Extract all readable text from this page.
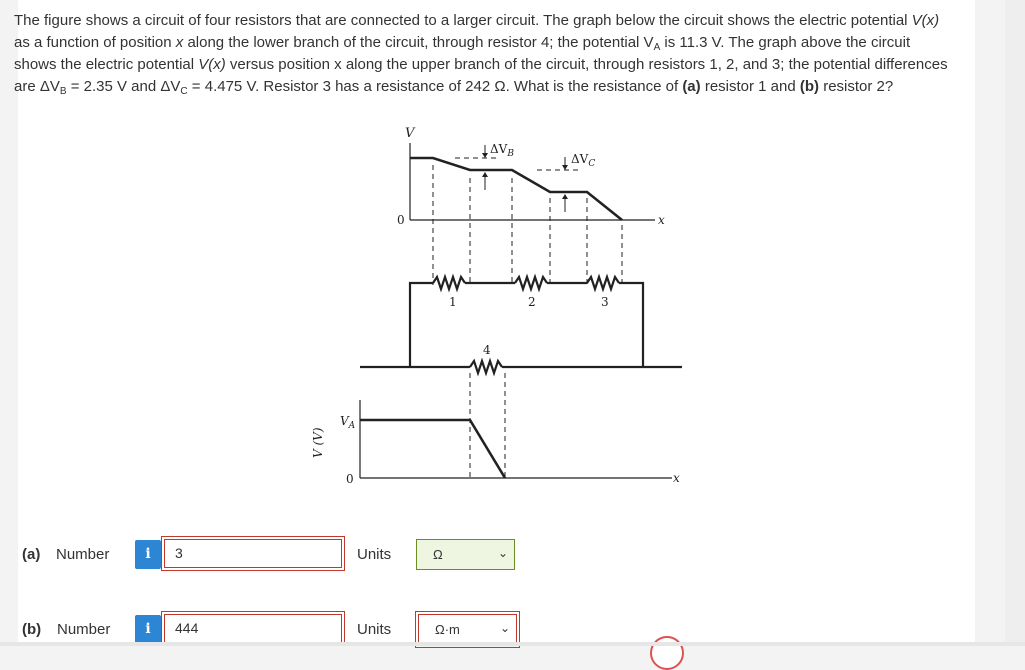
The figure shows a circuit of four resistors that are connected to a larger circuit. The graph below the circuit shows the electric potential V(x) as a function of position x along the lower branch of the circuit, through resistor 4; the potential $V_A$ is 11.3 V. The graph above the circuit shows the electric potential V(x) versus position x along the upper branch of the circuit, through resistors 1, 2, and 3; the potential differences are $\Delta V_B = 2.35$ V and $\Delta V_C = 4.475$ V. Resistor 3 has a resistance of 242 Ω. What is the resistance of (a) resistor 1 and (b) resistor 2?
V
0	x
$\Delta V_B$	$\Delta V_C$
1	2	3
4
$V_A$
0	x
V (V)
(a) Number	i	3	Units	Ω	⌄
(b) Number	i	444	Units	Ω·m	⌄
